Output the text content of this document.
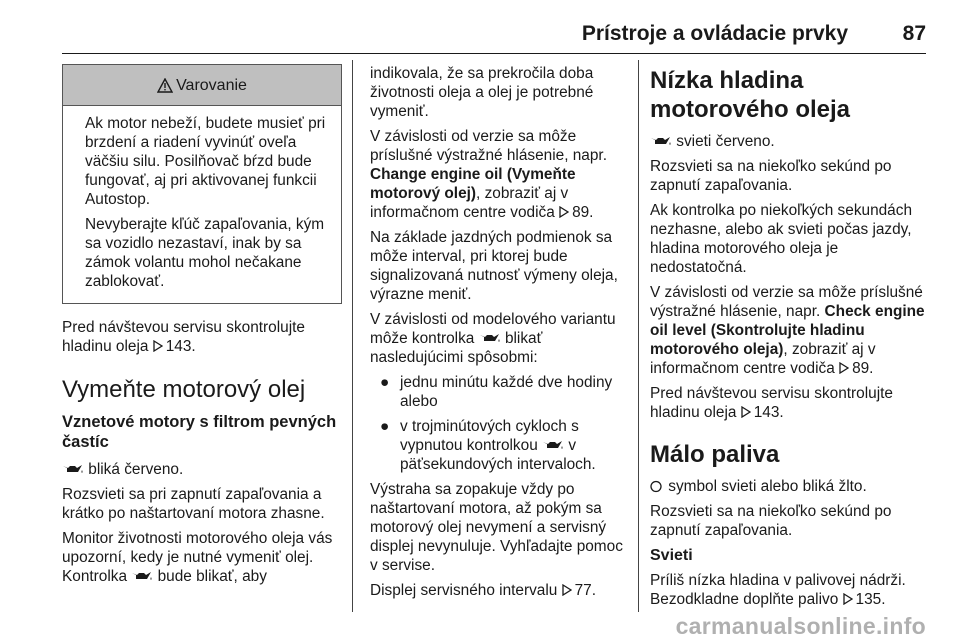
Prístroje a ovládacie prvky	87
Varovanie

Ak motor nebeží, budete musieť pri brzdení a riadení vyvinúť oveľa väčšiu silu. Posilňovač bŕzd bude fungovať, aj pri aktivovanej funkcii Autostop.

Nevyberajte kľúč zapaľovania, kým sa vozidlo nezastaví, inak by sa zámok volantu mohol nečakane zablokovať.

Pred návštevou servisu skontrolujte hladinu oleja 143.

Vymeňte motorový olej
Vznetové motory s filtrom pevných častíc

bliká červeno.

Rozsvieti sa pri zapnutí zapaľovania a krátko po naštartovaní motora zhasne.

Monitor životnosti motorového oleja vás upozorní, kedy je nutné vymeniť olej. Kontrolka bude blikať, aby

indikovala, že sa prekročila doba životnosti oleja a olej je potrebné vymeniť.

V závislosti od verzie sa môže príslušné výstražné hlásenie, napr. Change engine oil (Vymeňte motorový olej), zobraziť aj v informačnom centre vodiča 89.

Na základe jazdných podmienok sa môže interval, pri ktorej bude signalizovaná nutnosť výmeny oleja, výrazne meniť.

V závislosti od modelového variantu môže kontrolka blikať nasledujúcimi spôsobmi:

● jednu minútu každé dve hodiny alebo
● v trojminútových cykloch s vypnutou kontrolkou v päťsekundových intervaloch.

Výstraha sa zopakuje vždy po naštartovaní motora, až pokým sa motorový olej nevymení a servisný displej nevynuluje. Vyhľadajte pomoc v servise.

Displej servisného intervalu 77.

Nízka hladina motorového oleja

svieti červeno.

Rozsvieti sa na niekoľko sekúnd po zapnutí zapaľovania.

Ak kontrolka po niekoľkých sekundách nezhasne, alebo ak svieti počas jazdy, hladina motorového oleja je nedostatočná.

V závislosti od verzie sa môže príslušné výstražné hlásenie, napr. Check engine oil level (Skontrolujte hladinu motorového oleja), zobraziť aj v informačnom centre vodiča 89.

Pred návštevou servisu skontrolujte hladinu oleja 143.

Málo paliva

symbol svieti alebo bliká žlto.

Rozsvieti sa na niekoľko sekúnd po zapnutí zapaľovania.

Svieti

Príliš nízka hladina v palivovej nádrži. Bezodkladne doplňte palivo 135.

carmanualsonline.info
